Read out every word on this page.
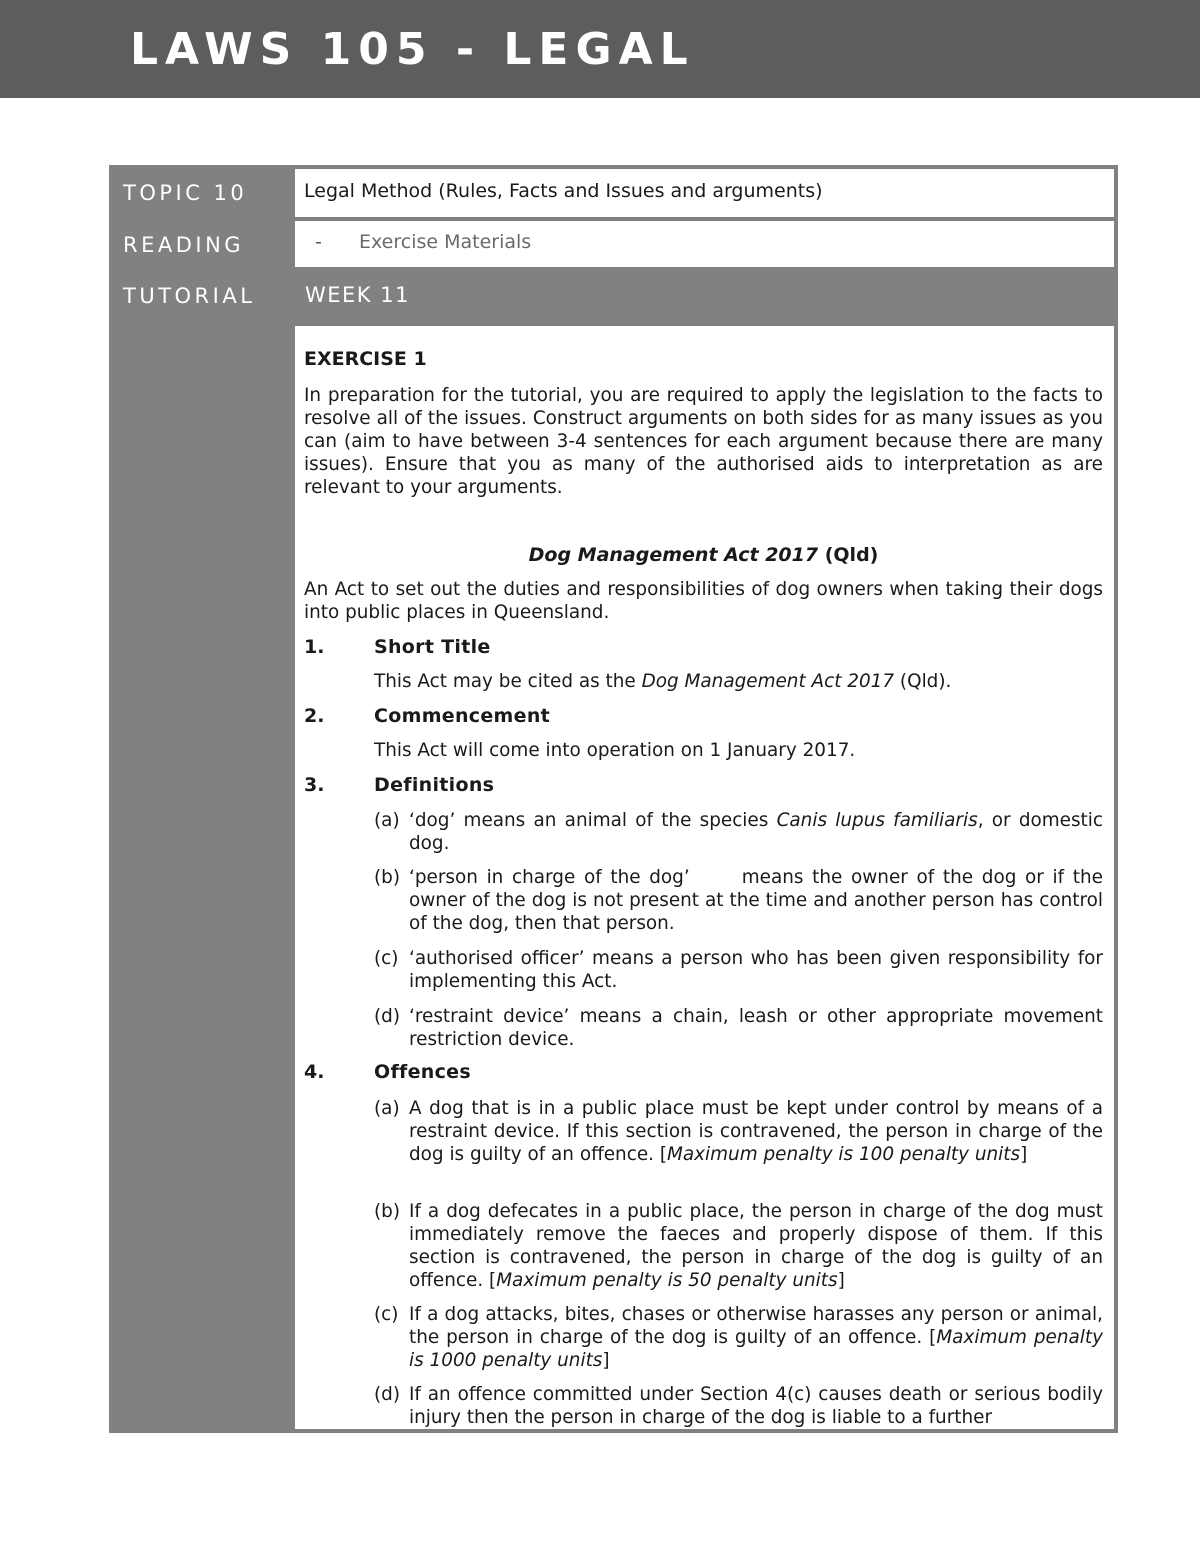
LAWS 105 - LEGAL
TOPIC 10	Legal Method (Rules, Facts and Issues and arguments)
READING	- Exercise Materials
TUTORIAL WEEK 11
EXERCISE 1

In preparation for the tutorial, you are required to apply the legislation to the facts to resolve all of the issues. Construct arguments on both sides for as many issues as you can (aim to have between 3-4 sentences for each argument because there are many issues). Ensure that you as many of the authorised aids to interpretation as are relevant to your arguments.

Dog Management Act 2017 (Qld)

An Act to set out the duties and responsibilities of dog owners when taking their dogs into public places in Queensland.

1.	Short Title
This Act may be cited as the Dog Management Act 2017 (Qld).
2.	Commencement
This Act will come into operation on 1 January 2017.
3.	Definitions
(a) ‘dog’ means an animal of the species Canis lupus familiaris, or domestic dog.

(b) ‘person in charge of the dog’      means the owner of the dog or if the owner of the dog is not present at the time and another person has control of the dog, then that person.

(c) ‘authorised officer’ means a person who has been given responsibility for implementing this Act.

(d) ‘restraint device’ means a chain, leash or other appropriate movement restriction device.

4.	Offences
(a) A dog that is in a public place must be kept under control by means of a restraint device. If this section is contravened, the person in charge of the dog is guilty of an offence. [Maximum penalty is 100 penalty units]

(b) If a dog defecates in a public place, the person in charge of the dog must immediately remove the faeces and properly dispose of them. If this section is contravened, the person in charge of the dog is guilty of an offence. [Maximum penalty is 50 penalty units]

(c) If a dog attacks, bites, chases or otherwise harasses any person or animal, the person in charge of the dog is guilty of an offence. [Maximum penalty is 1000 penalty units]

(d) If an offence committed under Section 4(c) causes death or serious bodily injury then the person in charge of the dog is liable to a further
